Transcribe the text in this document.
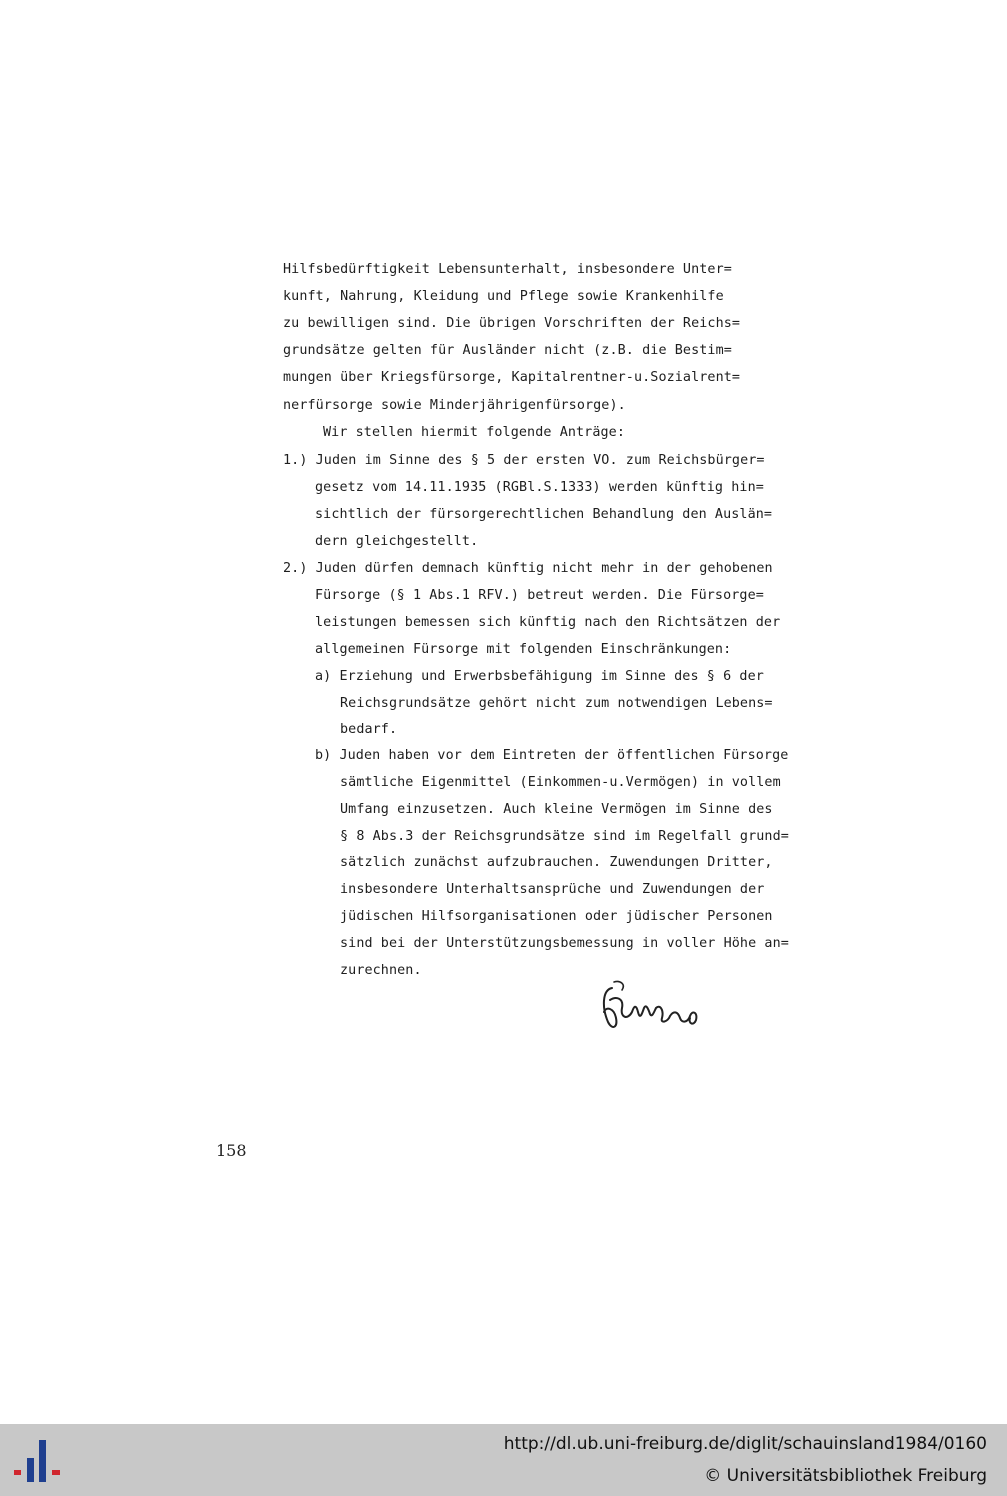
Hilfsbedürftigkeit Lebensunterhalt, insbesondere Unter=
kunft, Nahrung, Kleidung und Pflege sowie Krankenhilfe
zu bewilligen sind. Die übrigen Vorschriften der Reichs=
grundsätze gelten für Ausländer nicht (z.B. die Bestim=
mungen über Kriegsfürsorge, Kapitalrentner-u.Sozialrent=
nerfürsorge sowie Minderjährigenfürsorge).
Wir stellen hiermit folgende Anträge:
1.) Juden im Sinne des § 5 der ersten VO. zum Reichsbürger=
gesetz vom 14.11.1935 (RGBl.S.1333) werden künftig hin=
sichtlich der fürsorgerechtlichen Behandlung den Auslän=
dern gleichgestellt.
2.) Juden dürfen demnach künftig nicht mehr in der gehobenen
Fürsorge (§ 1 Abs.1 RFV.) betreut werden. Die Fürsorge=
leistungen bemessen sich künftig nach den Richtsätzen der
allgemeinen Fürsorge mit folgenden Einschränkungen:
a) Erziehung und Erwerbsbefähigung im Sinne des § 6 der
Reichsgrundsätze gehört nicht zum notwendigen Lebens=
bedarf.
b) Juden haben vor dem Eintreten der öffentlichen Fürsorge
sämtliche Eigenmittel (Einkommen-u.Vermögen) in vollem
Umfang einzusetzen. Auch kleine Vermögen im Sinne des
§ 8 Abs.3 der Reichsgrundsätze sind im Regelfall grund=
sätzlich zunächst aufzubrauchen. Zuwendungen Dritter,
insbesondere Unterhaltsansprüche und Zuwendungen der
jüdischen Hilfsorganisationen oder jüdischer Personen
sind bei der Unterstützungsbemessung in voller Höhe an=
zurechnen.
158
http://dl.ub.uni-freiburg.de/diglit/schauinsland1984/0160
© Universitätsbibliothek Freiburg
